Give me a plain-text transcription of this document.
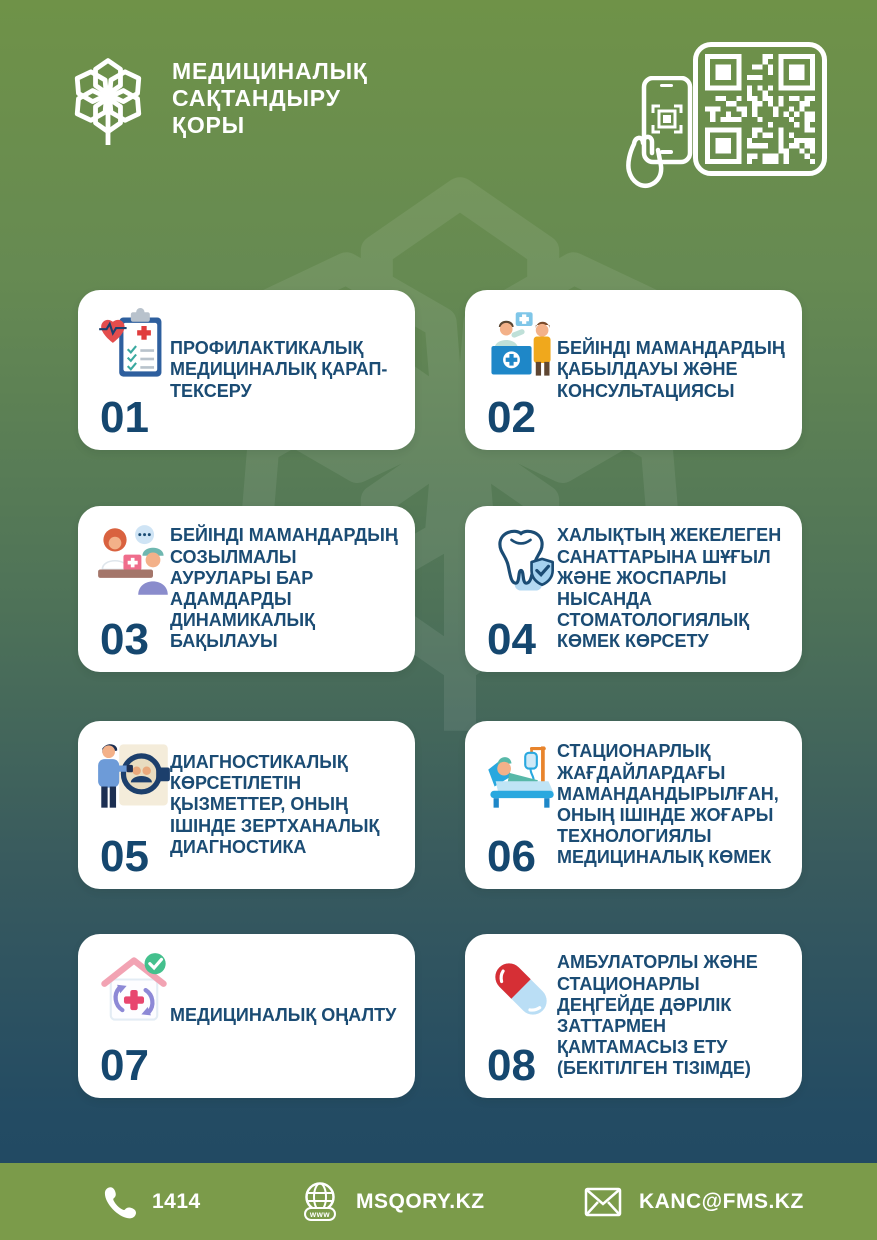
МЕДИЦИНАЛЫҚ
САҚТАНДЫРУ
ҚОРЫ
01
ПРОФИЛАКТИКАЛЫҚ МЕДИЦИНАЛЫҚ ҚАРАП-ТЕКСЕРУ
02
БЕЙІНДІ МАМАНДАРДЫҢ ҚАБЫЛДАУЫ ЖӘНЕ КОНСУЛЬТАЦИЯСЫ
03
БЕЙІНДІ МАМАНДАРДЫҢ СОЗЫЛМАЛЫ АУРУЛАРЫ БАР АДАМДАРДЫ ДИНАМИКАЛЫҚ БАҚЫЛАУЫ	04
ХАЛЫҚТЫҢ ЖЕКЕЛЕГЕН САНАТТАРЫНА ШҰҒЫЛ ЖӘНЕ ЖОСПАРЛЫ НЫСАНДА СТОМАТОЛОГИЯЛЫҚ КӨМЕК КӨРСЕТУ
05
ДИАГНОСТИКАЛЫҚ КӨРСЕТІЛЕТІН ҚЫЗМЕТТЕР, ОНЫҢ ІШІНДЕ ЗЕРТХАНАЛЫҚ ДИАГНОСТИКА	06
СТАЦИОНАРЛЫҚ ЖАҒДАЙЛАРДАҒЫ МАМАНДАНДЫРЫЛҒАН, ОНЫҢ ІШІНДЕ ЖОҒАРЫ ТЕХНОЛОГИЯЛЫ МЕДИЦИНАЛЫҚ КӨМЕК
07
МЕДИЦИНАЛЫҚ ОҢАЛТУ
08
АМБУЛАТОРЛЫ ЖӘНЕ СТАЦИОНАРЛЫ ДЕҢГЕЙДЕ ДӘРІЛІК ЗАТТАРМЕН ҚАМТАМАСЫЗ ЕТУ (БЕКІТІЛГЕН ТІЗІМДЕ)
1414
www
MSQORY.KZ	KANC@FMS.KZ
